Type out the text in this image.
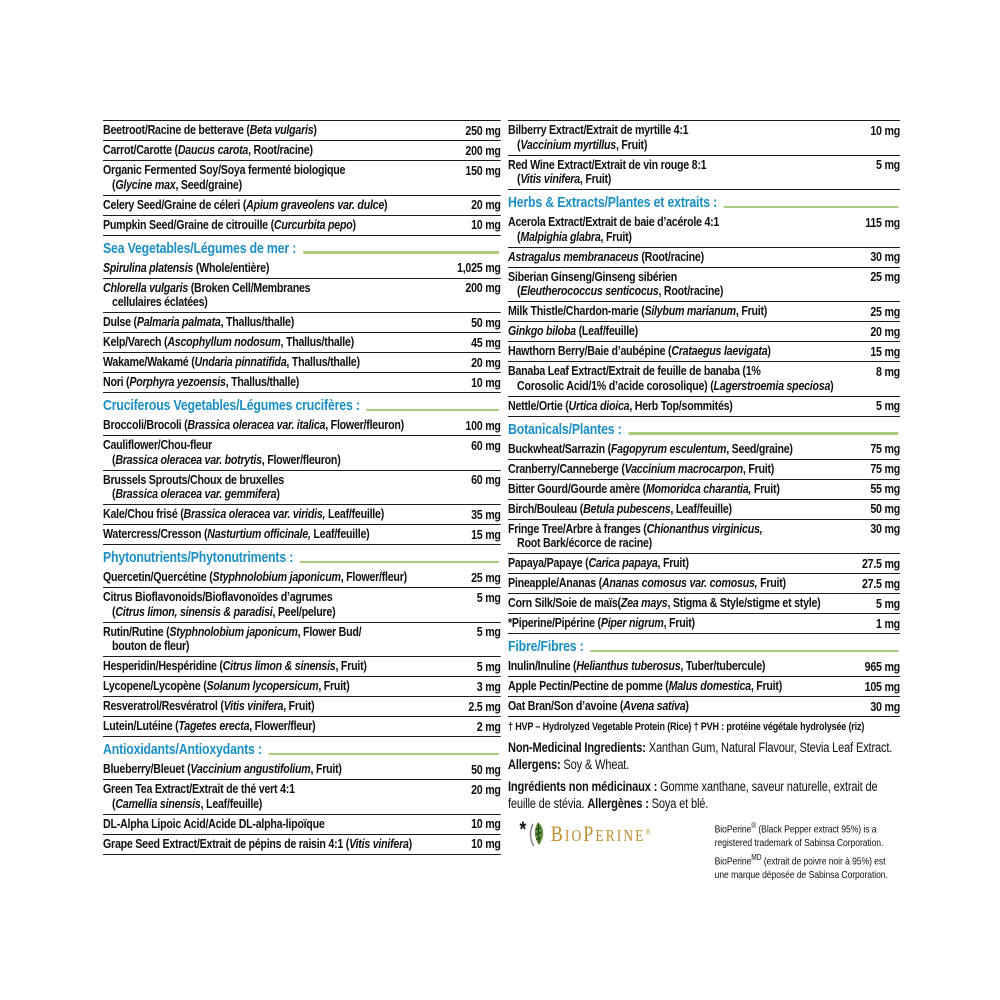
Beetroot/Racine de betterave (Beta vulgaris)	250 mg
Carrot/Carotte (Daucus carota, Root/racine)	200 mg
Organic Fermented Soy/Soya fermenté biologique
(Glycine max, Seed/graine)
150 mg
Celery Seed/Graine de céleri (Apium graveolens var. dulce)	20 mg
Pumpkin Seed/Graine de citrouille (Curcurbita pepo)	10 mg
Sea Vegetables/Légumes de mer :
Spirulina platensis (Whole/entière)	1,025 mg
Chlorella vulgaris (Broken Cell/Membranes
cellulaires éclatées)
200 mg
Dulse (Palmaria palmata, Thallus/thalle)	50 mg
Kelp/Varech (Ascophyllum nodosum, Thallus/thalle)	45 mg
Wakame/Wakamé (Undaria pinnatifida, Thallus/thalle)	20 mg
Nori (Porphyra yezoensis, Thallus/thalle)	10 mg
Cruciferous Vegetables/Légumes crucifères :
Broccoli/Brocoli (Brassica oleracea var. italica, Flower/fleuron)	100 mg
Cauliflower/Chou-fleur
(Brassica oleracea var. botrytis, Flower/fleuron)
60 mg
Brussels Sprouts/Choux de bruxelles
(Brassica oleracea var. gemmifera)
60 mg
Kale/Chou frisé (Brassica oleracea var. viridis, Leaf/feuille)	35 mg
Watercress/Cresson (Nasturtium officinale, Leaf/feuille)	15 mg
Phytonutrients/Phytonutriments :
Quercetin/Quercétine (Styphnolobium japonicum, Flower/fleur)	25 mg
Citrus Bioflavonoids/Bioflavonoïdes d’agrumes
(Citrus limon, sinensis & paradisi, Peel/pelure)
5 mg
Rutin/Rutine (Styphnolobium japonicum, Flower Bud/
bouton de fleur)
5 mg
Hesperidin/Hespéridine (Citrus limon & sinensis, Fruit)	5 mg
Lycopene/Lycopène (Solanum lycopersicum, Fruit)	3 mg
Resveratrol/Resvératrol (Vitis vinifera, Fruit)	2.5 mg
Lutein/Lutéine (Tagetes erecta, Flower/fleur)	2 mg
Antioxidants/Antioxydants :
Blueberry/Bleuet (Vaccinium angustifolium, Fruit)	50 mg
Green Tea Extract/Extrait de thé vert 4:1
(Camellia sinensis, Leaf/feuille)
20 mg
DL-Alpha Lipoic Acid/Acide DL-alpha-lipoïque	10 mg
Grape Seed Extract/Extrait de pépins de raisin 4:1 (Vitis vinifera)	10 mg
Bilberry Extract/Extrait de myrtille 4:1
(Vaccinium myrtillus, Fruit)
10 mg
Red Wine Extract/Extrait de vin rouge 8:1
(Vitis vinifera, Fruit)
5 mg
Herbs & Extracts/Plantes et extraits :
Acerola Extract/Extrait de baie d’acérole 4:1
(Malpighia glabra, Fruit)
115 mg
Astragalus membranaceus (Root/racine)	30 mg
Siberian Ginseng/Ginseng sibérien
(Eleutherococcus senticocus, Root/racine)
25 mg
Milk Thistle/Chardon-marie (Silybum marianum, Fruit)	25 mg
Ginkgo biloba (Leaf/feuille)	20 mg
Hawthorn Berry/Baie d’aubépine (Crataegus laevigata)	15 mg
Banaba Leaf Extract/Extrait de feuille de banaba (1%
Corosolic Acid/1% d’acide corosolique) (Lagerstroemia speciosa)
8 mg
Nettle/Ortie (Urtica dioica, Herb Top/sommités)	5 mg
Botanicals/Plantes :
Buckwheat/Sarrazin (Fagopyrum esculentum, Seed/graine)	75 mg
Cranberry/Canneberge (Vaccinium macrocarpon, Fruit)	75 mg
Bitter Gourd/Gourde amère (Momoridca charantia, Fruit)	55 mg
Birch/Bouleau (Betula pubescens, Leaf/feuille)	50 mg
Fringe Tree/Arbre à franges (Chionanthus virginicus,
Root Bark/écorce de racine)
30 mg
Papaya/Papaye (Carica papaya, Fruit)	27.5 mg
Pineapple/Ananas (Ananas comosus var. comosus, Fruit)	27.5 mg
Corn Silk/Soie de maïs(Zea mays, Stigma & Style/stigme et style)	5 mg
*Piperine/Pipérine (Piper nigrum, Fruit)	1 mg
Fibre/Fibres :
Inulin/Inuline (Helianthus tuberosus, Tuber/tubercule)	965 mg
Apple Pectin/Pectine de pomme (Malus domestica, Fruit)	105 mg
Oat Bran/Son d’avoine (Avena sativa)	30 mg
† HVP – Hydrolyzed Vegetable Protein (Rice) † PVH : protéine végétale hydrolysée (riz)

Non-Medicinal Ingredients: Xanthan Gum, Natural Flavour, Stevia Leaf Extract. Allergens: Soy & Wheat.

Ingrédients non médicinaux : Gomme xanthane, saveur naturelle, extrait de feuille de stévia. Allergènes : Soya et blé.

* BIOPERINE®	BioPerine® (Black Pepper extract 95%) is a
registered trademark of Sabinsa Corporation.
BioPerine$^{MD}$ (extrait de poivre noir à 95%) est
une marque déposée de Sabinsa Corporation.
